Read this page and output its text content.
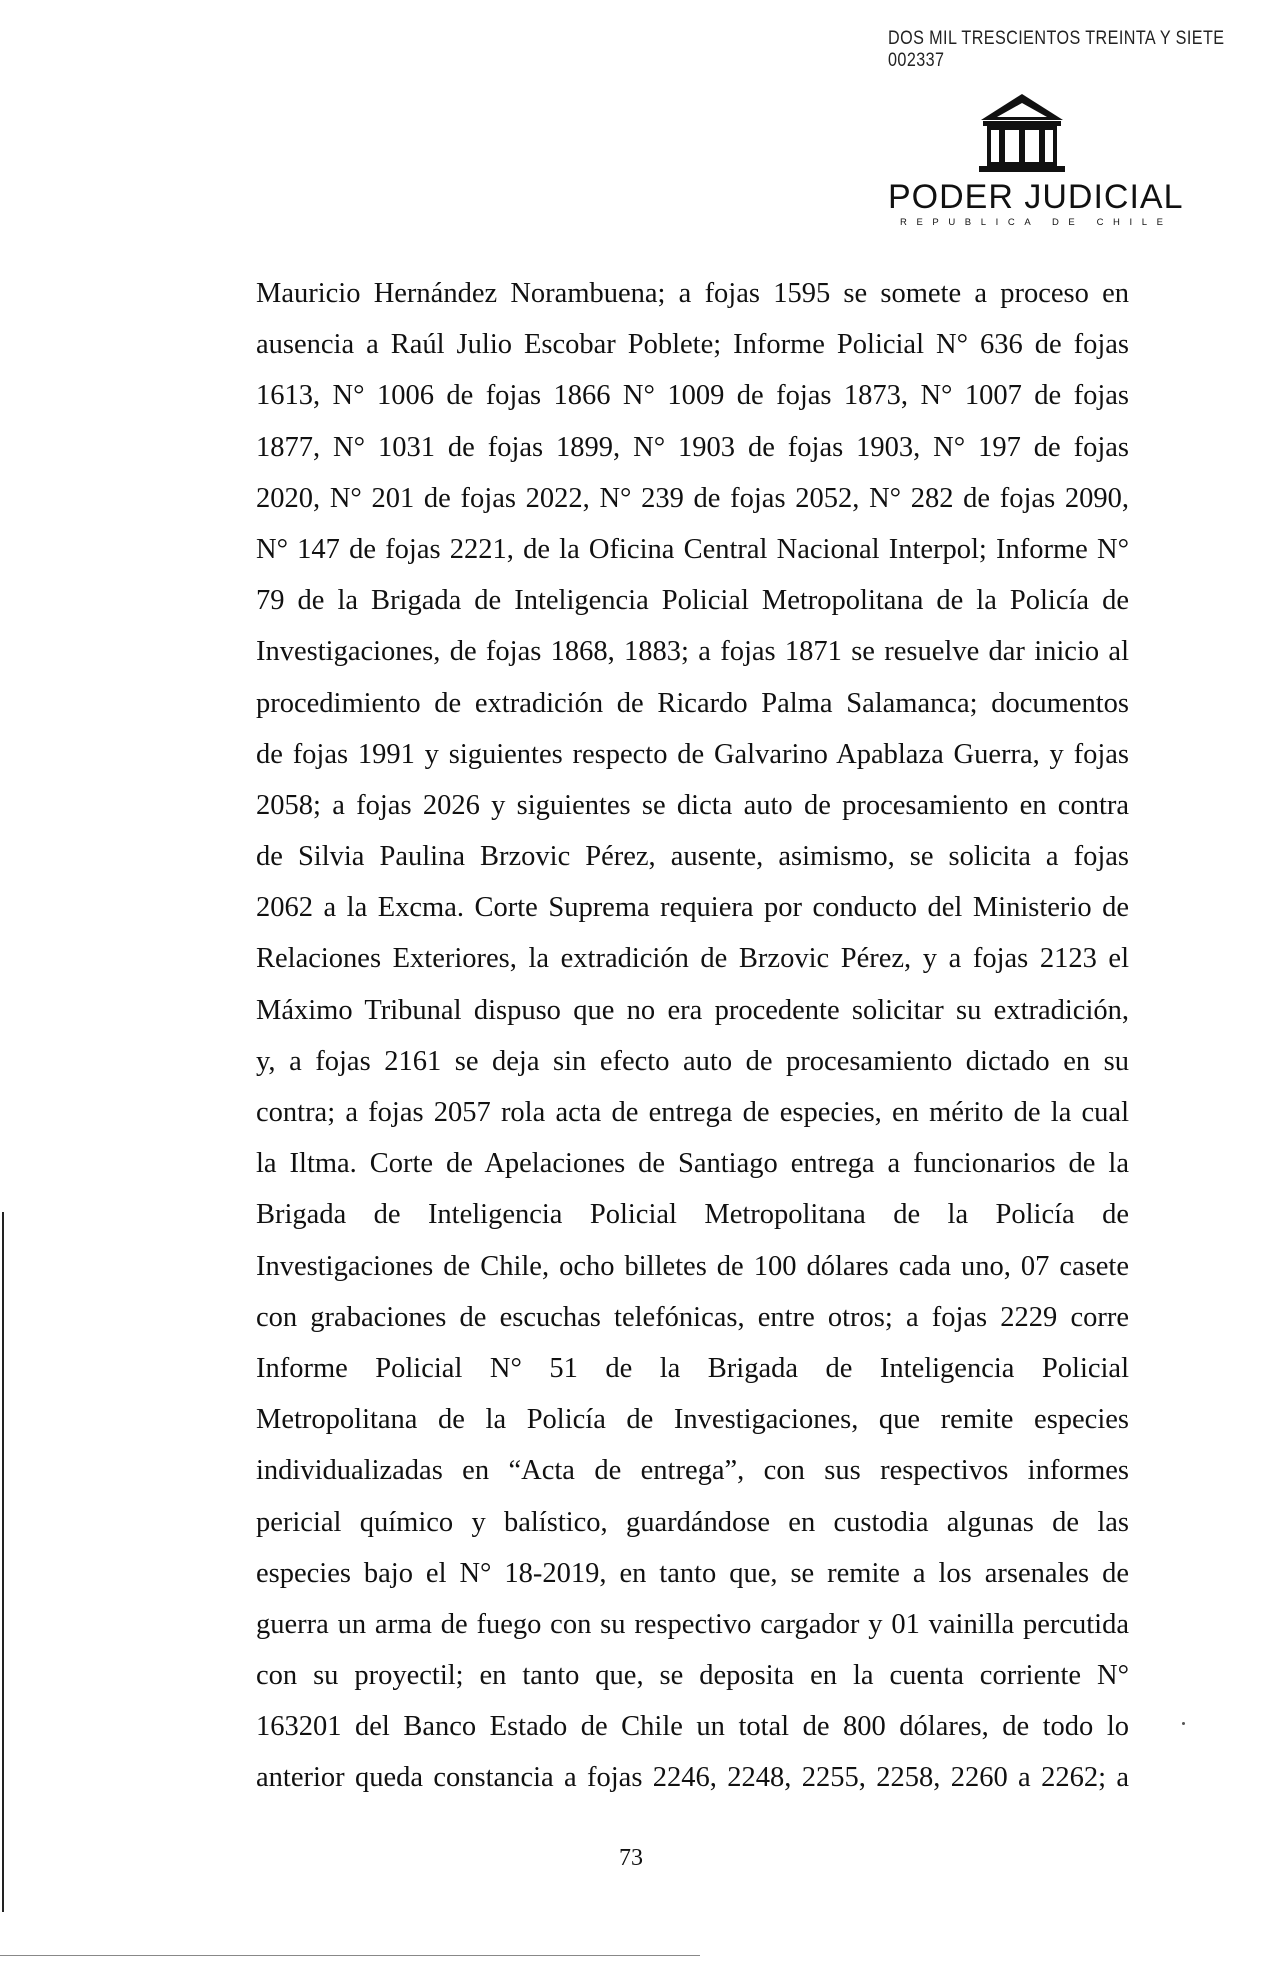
DOS MIL TRESCIENTOS TREINTA Y SIETE
002337
PODER JUDICIAL
REPUBLICA DE CHILE
Mauricio Hernández Norambuena; a fojas 1595 se somete a proceso en
ausencia a Raúl Julio Escobar Poblete; Informe Policial N° 636 de fojas
1613, N° 1006 de fojas 1866 N° 1009 de fojas 1873, N° 1007 de fojas
1877, N° 1031 de fojas 1899, N° 1903 de fojas 1903, N° 197 de fojas
2020, N° 201 de fojas 2022, N° 239 de fojas 2052, N° 282 de fojas 2090,
N° 147 de fojas 2221, de la Oficina Central Nacional Interpol; Informe N°
79 de la Brigada de Inteligencia Policial Metropolitana de la Policía de
Investigaciones, de fojas 1868, 1883; a fojas 1871 se resuelve dar inicio al
procedimiento de extradición de Ricardo Palma Salamanca; documentos
de fojas 1991 y siguientes respecto de Galvarino Apablaza Guerra, y fojas
2058; a fojas 2026 y siguientes se dicta auto de procesamiento en contra
de Silvia Paulina Brzovic Pérez, ausente, asimismo, se solicita a fojas
2062 a la Excma. Corte Suprema requiera por conducto del Ministerio de
Relaciones Exteriores, la extradición de Brzovic Pérez, y a fojas 2123 el
Máximo Tribunal dispuso que no era procedente solicitar su extradición,
y, a fojas 2161 se deja sin efecto auto de procesamiento dictado en su
contra; a fojas 2057 rola acta de entrega de especies, en mérito de la cual
la Iltma. Corte de Apelaciones de Santiago entrega a funcionarios de la
Brigada de Inteligencia Policial Metropolitana de la Policía de
Investigaciones de Chile, ocho billetes de 100 dólares cada uno, 07 casete
con grabaciones de escuchas telefónicas, entre otros; a fojas 2229 corre
Informe Policial N° 51 de la Brigada de Inteligencia Policial
Metropolitana de la Policía de Investigaciones, que remite especies
individualizadas en “Acta de entrega”, con sus respectivos informes
pericial químico y balístico, guardándose en custodia algunas de las
especies bajo el N° 18-2019, en tanto que, se remite a los arsenales de
guerra un arma de fuego con su respectivo cargador y 01 vainilla percutida
con su proyectil; en tanto que, se deposita en la cuenta corriente N°
163201 del Banco Estado de Chile un total de 800 dólares, de todo lo
anterior queda constancia a fojas 2246, 2248, 2255, 2258, 2260 a 2262; a
73
